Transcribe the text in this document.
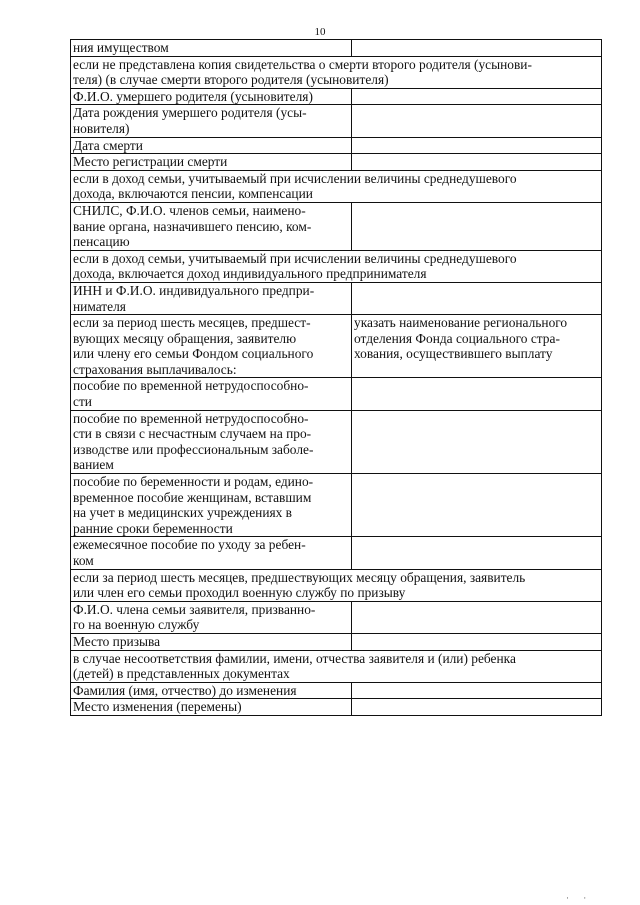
10
ния имуществом	
если не представлена копия свидетельства о смерти второго родителя (усынови-
теля) (в случае смерти второго родителя (усыновителя)	
Ф.И.О. умершего родителя (усыновителя)	
Дата рождения умершего родителя (усы-
новителя)	
Дата смерти	
Место регистрации смерти	
если в доход семьи, учитываемый при исчислении величины среднедушевого
дохода, включаются пенсии, компенсации	
СНИЛС, Ф.И.О. членов семьи, наимено-
вание органа, назначившего пенсию, ком-
пенсацию	
если в доход семьи, учитываемый при исчислении величины среднедушевого
дохода, включается доход индивидуального предпринимателя	
ИНН и Ф.И.О. индивидуального предпри-
нимателя	
если за период шесть месяцев, предшест-
вующих месяцу обращения, заявителю
или члену его семьи Фондом социального
страхования выплачивалось:	указать наименование регионального
отделения Фонда социального стра-
хования, осуществившего выплату
пособие по временной нетрудоспособно-
сти	
пособие по временной нетрудоспособно-
сти в связи с несчастным случаем на про-
изводстве или профессиональным заболе-
ванием	
пособие по беременности и родам, едино-
временное пособие женщинам, вставшим
на учет в медицинских учреждениях в
ранние сроки беременности	
ежемесячное пособие по уходу за ребен-
ком	
если за период шесть месяцев, предшествующих месяцу обращения, заявитель
или член его семьи проходил военную службу по призыву	
Ф.И.О. члена семьи заявителя, призванно-
го на военную службу	
Место призыва	
в случае несоответствия фамилии, имени, отчества заявителя и (или) ребенка
(детей) в представленных документах	
Фамилия (имя, отчество) до изменения	
Место изменения (перемены)	
· ·
